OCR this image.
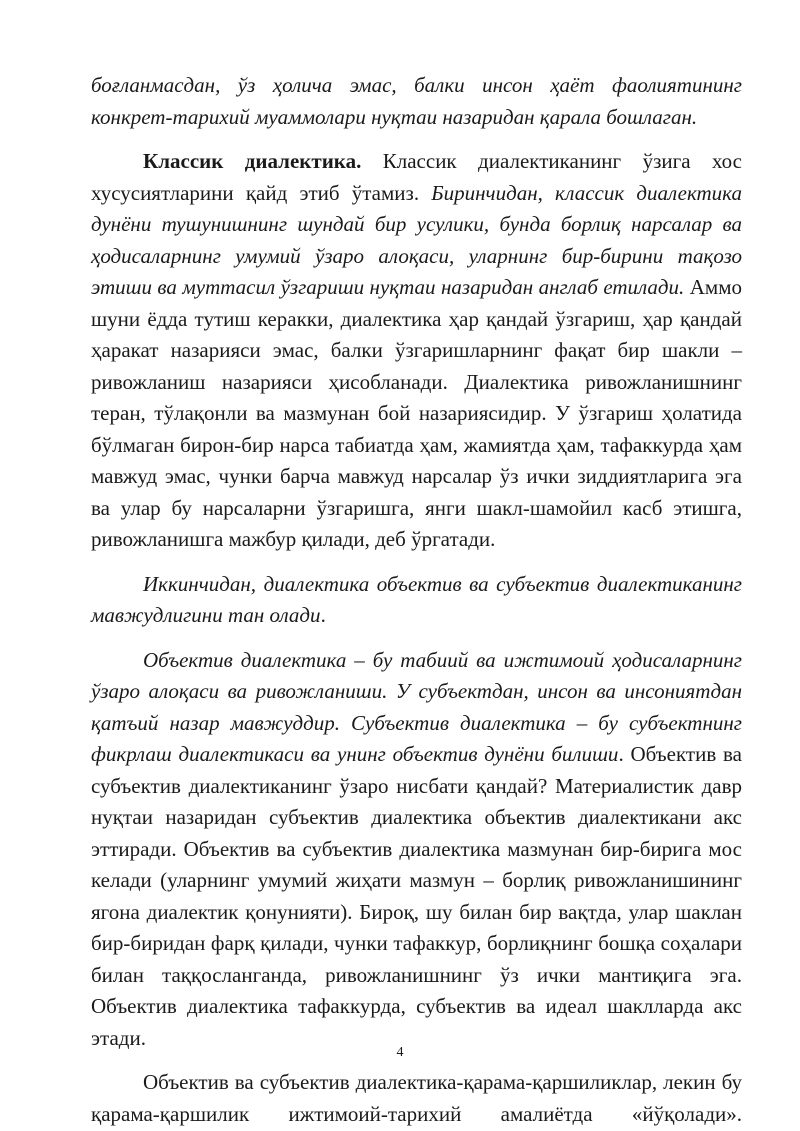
боғланмаcдан, ўз ҳолича эмас, балки инсон ҳаёт фаолиятининг конкрет-тарихий муаммолари нуқтаи назаридан қарала бошлаган.

Классик диалектика. Классик диалектиканинг ўзига хос хусусиятларини қайд этиб ўтамиз. Биринчидан, классик диалектика дунёни тушунишнинг шундай бир усулики, бунда борлиқ нарсалар ва ҳодисаларнинг умумий ўзаро алоқаси, уларнинг бир-бирини тақозо этиши ва муттасил ўзгариши нуқтаи назаридан англаб етилади. Аммо шуни ёдда тутиш керакки, диалектика ҳар қандай ўзгариш, ҳар қандай ҳаракат назарияси эмас, балки ўзгаришларнинг фақат бир шакли – ривожланиш назарияси ҳисобланади. Диалектика ривожланишнинг теран, тўлақонли ва мазмунан бой назариясидир. У ўзгариш ҳолатида бўлмаган бирон-бир нарса табиатда ҳам, жамиятда ҳам, тафаккурда ҳам мавжуд эмас, чунки барча мавжуд нарсалар ўз ички зиддиятларига эга ва улар бу нарсаларни ўзгаришга, янги шакл-шамойил касб этишга, ривожланишга мажбур қилади, деб ўргатади.

Иккинчидан, диалектика объектив ва субъектив диалектиканинг мавжудлигини тан олади.

Объектив диалектика – бу табиий ва ижтимоий ҳодисаларнинг ўзаро алоқаси ва ривожланиши. У субъектдан, инсон ва инсониятдан қатъий назар мавжуддир. Субъектив диалектика – бу субъектнинг фикрлаш диалектикаси ва унинг объектив дунёни билиши. Объектив ва субъектив диалектиканинг ўзаро нисбати қандай? Материалистик давр нуқтаи назаридан субъектив диалектика объектив диалектикани акс эттиради. Объектив ва субъектив диалектика мазмунан бир-бирига мос келади (уларнинг умумий жиҳати мазмун – борлиқ ривожланишининг ягона диалектик қонунияти). Бироқ, шу билан бир вақтда, улар шаклан бир-биридан фарқ қилади, чунки тафаккур, борлиқнинг бошқа соҳалари билан таққосланганда, ривожланишнинг ўз ички мантиқига эга. Объектив диалектика тафаккурда, субъектив ва идеал шаклларда акс этади.

Объектив ва субъектив диалектика-қарама-қаршиликлар, лекин бу қарама-қаршилик ижтимоий-тарихий амалиётда «йўқолади».

4
